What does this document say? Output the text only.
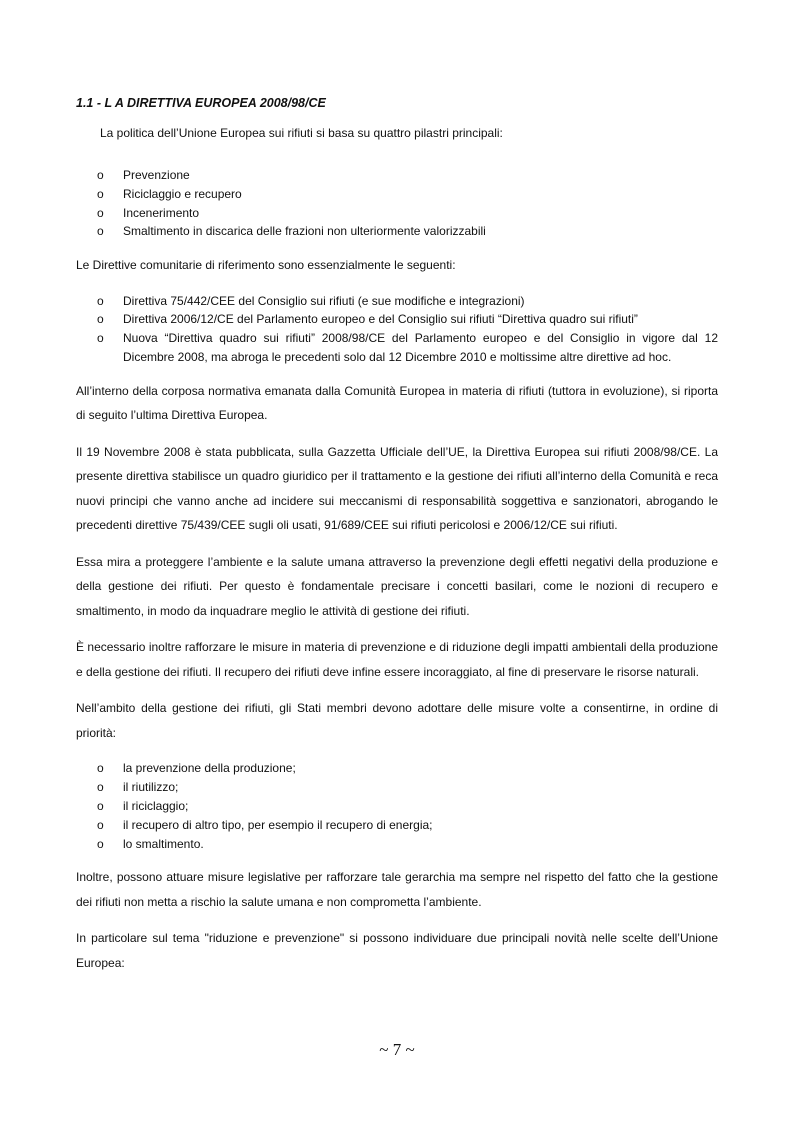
1.1 - L A DIRETTIVA EUROPEA 2008/98/CE
La politica dell’Unione Europea sui rifiuti si basa su quattro pilastri principali:
o Prevenzione
o Riciclaggio e recupero
o Incenerimento
o Smaltimento in discarica delle frazioni non ulteriormente valorizzabili
Le Direttive comunitarie di riferimento sono essenzialmente le seguenti:
o Direttiva 75/442/CEE del Consiglio sui rifiuti (e sue modifiche e integrazioni)
o Direttiva 2006/12/CE del Parlamento europeo e del Consiglio sui rifiuti “Direttiva quadro sui rifiuti”
o Nuova “Direttiva quadro sui rifiuti” 2008/98/CE del Parlamento europeo e del Consiglio in vigore dal 12 Dicembre 2008, ma abroga le precedenti solo dal 12 Dicembre 2010 e moltissime altre direttive ad hoc.
All’interno della corposa normativa emanata dalla Comunità Europea in materia di rifiuti (tuttora in evoluzione), si riporta di seguito l’ultima Direttiva Europea.
Il 19 Novembre 2008 è stata pubblicata, sulla Gazzetta Ufficiale dell’UE, la Direttiva Europea sui rifiuti 2008/98/CE. La presente direttiva stabilisce un quadro giuridico per il trattamento e la gestione dei rifiuti all’interno della Comunità e reca nuovi principi che vanno anche ad incidere sui meccanismi di responsabilità soggettiva e sanzionatori, abrogando le precedenti direttive 75/439/CEE sugli oli usati, 91/689/CEE sui rifiuti pericolosi e 2006/12/CE sui rifiuti.
Essa mira a proteggere l’ambiente e la salute umana attraverso la prevenzione degli effetti negativi della produzione e della gestione dei rifiuti. Per questo è fondamentale precisare i concetti basilari, come le nozioni di recupero e smaltimento, in modo da inquadrare meglio le attività di gestione dei rifiuti.
È necessario inoltre rafforzare le misure in materia di prevenzione e di riduzione degli impatti ambientali della produzione e della gestione dei rifiuti. Il recupero dei rifiuti deve infine essere incoraggiato, al fine di preservare le risorse naturali.
Nell’ambito della gestione dei rifiuti, gli Stati membri devono adottare delle misure volte a consentirne, in ordine di priorità:
o la prevenzione della produzione;
o il riutilizzo;
o il riciclaggio;
o il recupero di altro tipo, per esempio il recupero di energia;
o lo smaltimento.
Inoltre, possono attuare misure legislative per rafforzare tale gerarchia ma sempre nel rispetto del fatto che la gestione dei rifiuti non metta a rischio la salute umana e non comprometta l’ambiente.
In particolare sul tema "riduzione e prevenzione" si possono individuare due principali novità nelle scelte dell’Unione Europea:
~ 7 ~
